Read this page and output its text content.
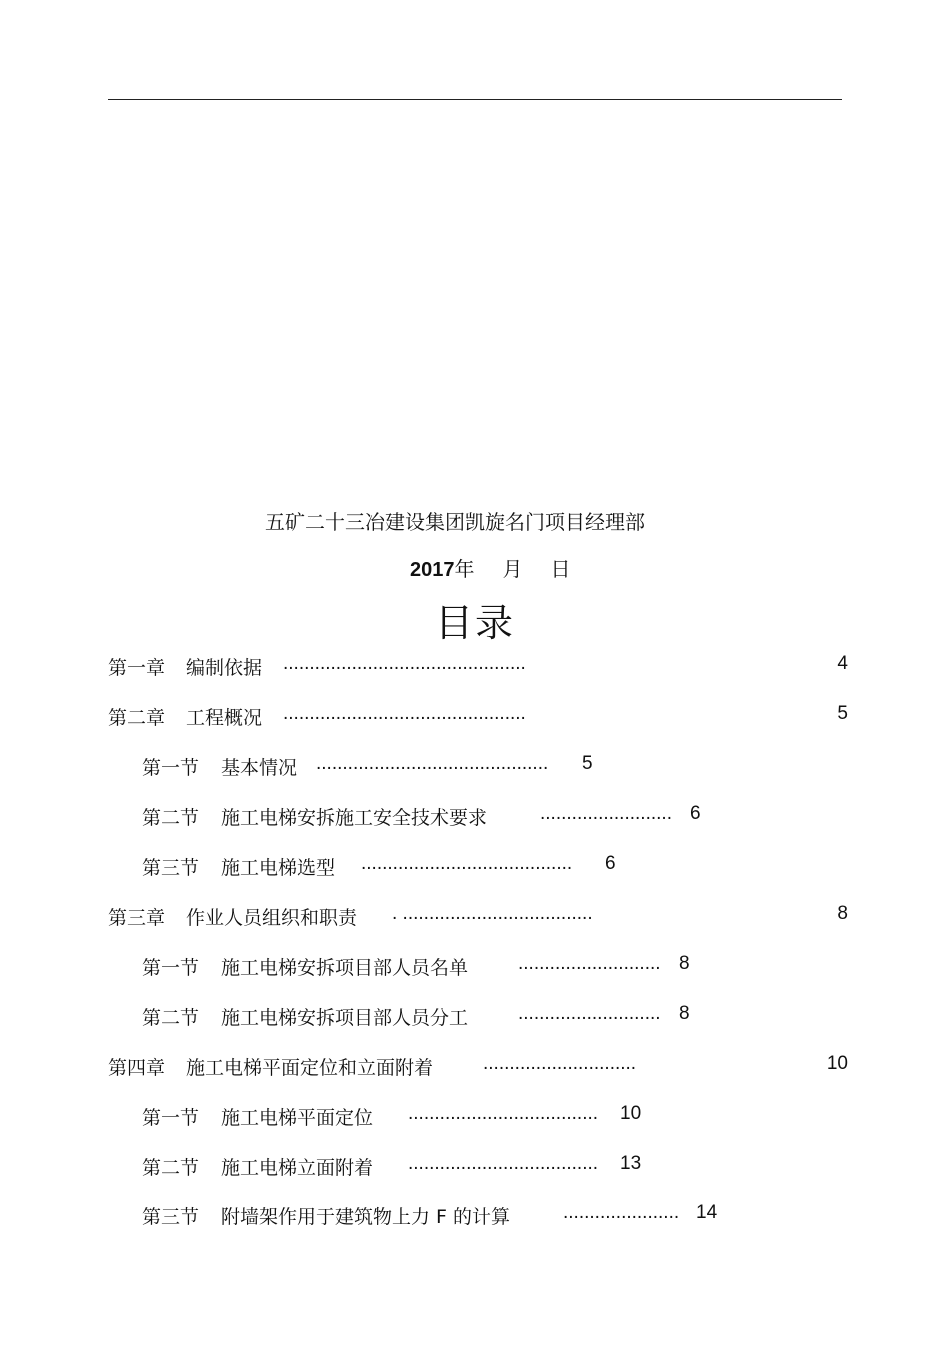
五矿二十三冶建设集团凯旋名门项目经理部
2017年 月 日
目录
第一章 编制依据 ..............................................	4
第二章 工程概况 ..............................................	5
第一节 基本情况 ............................................ 5
第二节 施工电梯安拆施工安全技术要求	......................... 6
第三节 施工电梯选型 ........................................ 6
第三章 作业人员组织和职责 . ....................................	8
第一节 施工电梯安拆项目部人员名单	........................... 8
第二节 施工电梯安拆项目部人员分工	........................... 8
第四章 施工电梯平面定位和立面附着	.............................	10
第一节 施工电梯平面定位 .................................... 10
第二节 施工电梯立面附着 .................................... 13
第三节 附墙架作用于建筑物上力 F 的计算	...................... 14
